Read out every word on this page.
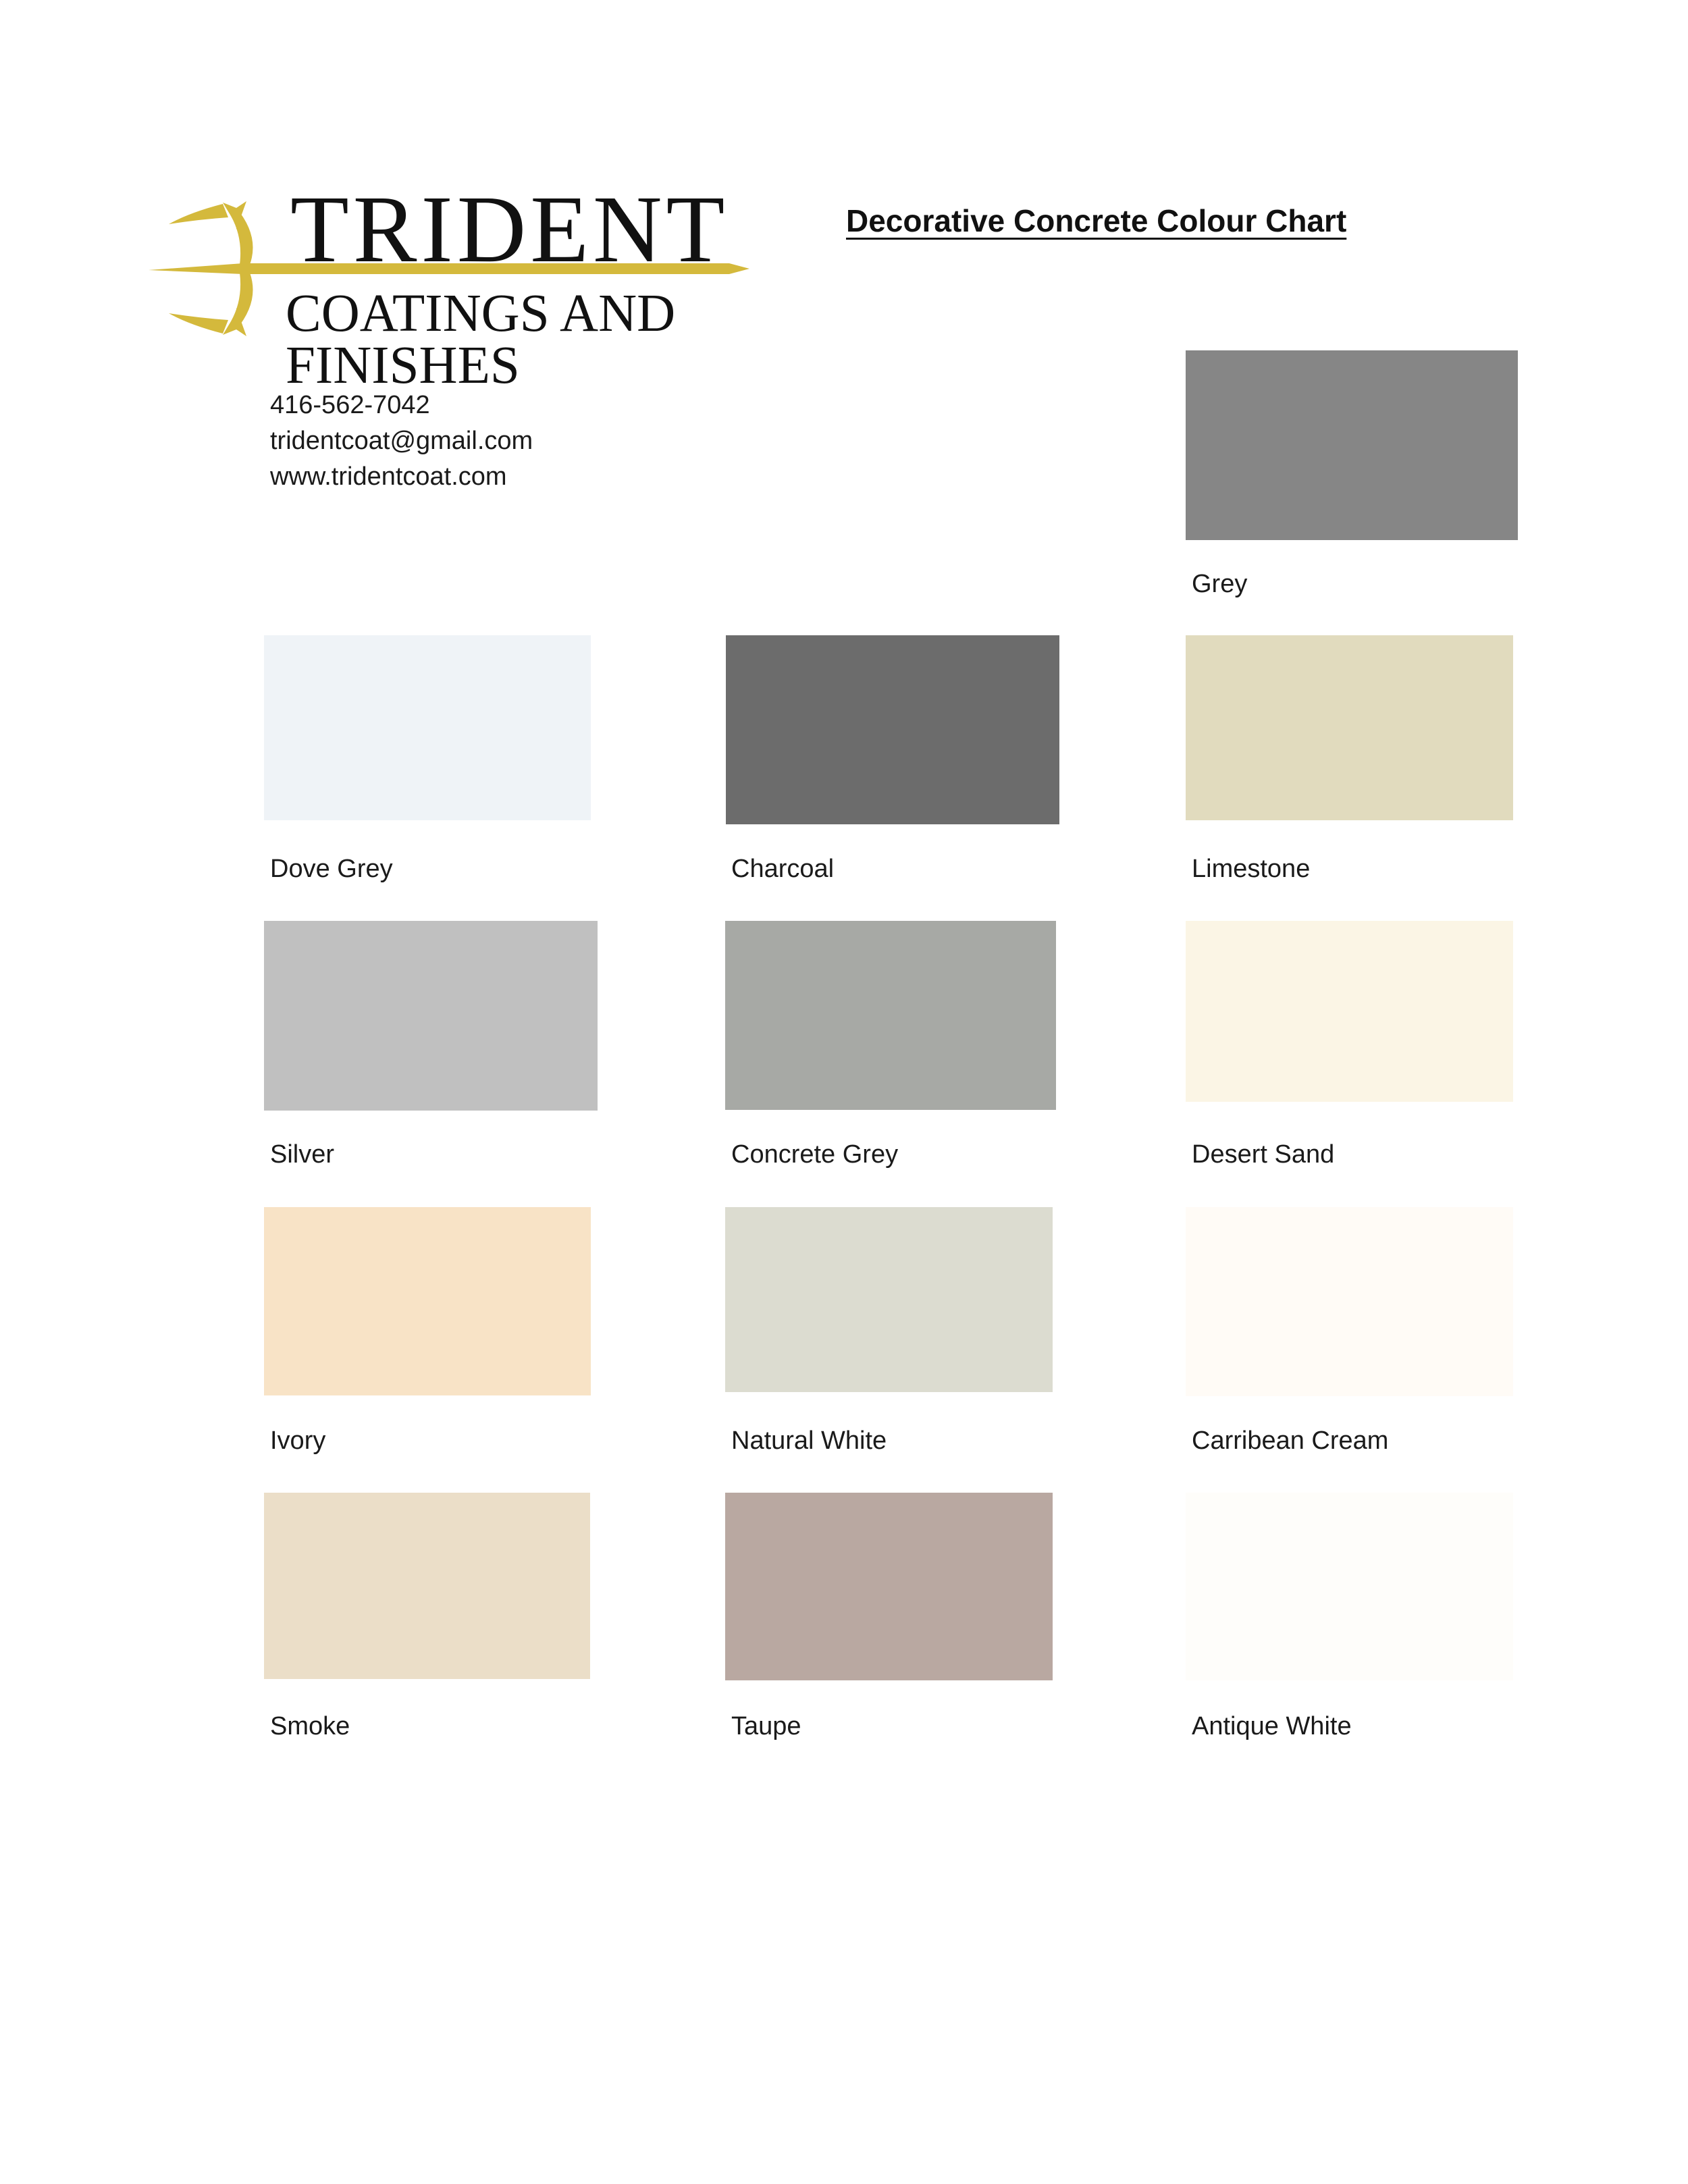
TRIDENT
COATINGS AND
FINISHES
416-562-7042
tridentcoat@gmail.com
www.tridentcoat.com
Decorative Concrete Colour Chart
Grey
Dove Grey	Charcoal	Limestone
Silver	Concrete Grey	Desert Sand
Ivory	Natural White	Carribean Cream
Smoke	Taupe	Antique White
